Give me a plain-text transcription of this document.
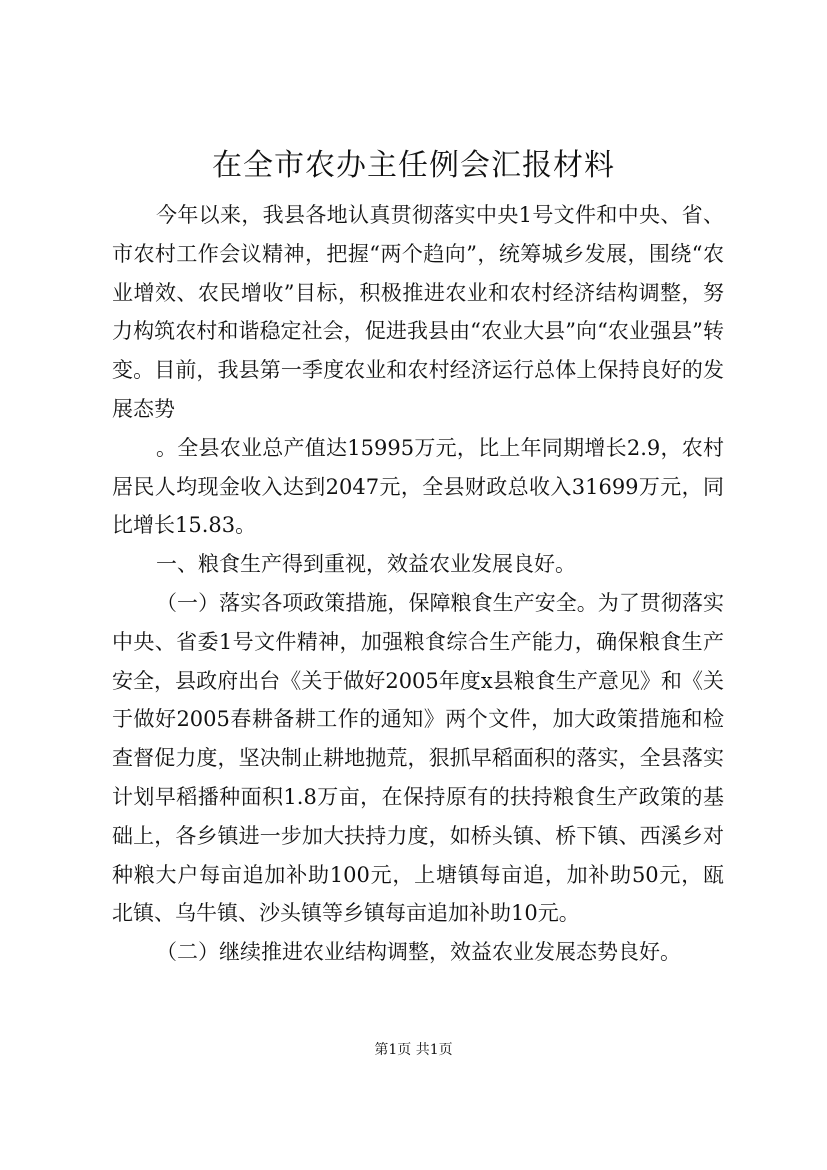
在全市农办主任例会汇报材料

今年以来，我县各地认真贯彻落实中央1号文件和中央、省、市农村工作会议精神，把握“两个趋向”，统筹城乡发展，围绕“农业增效、农民增收”目标，积极推进农业和农村经济结构调整，努力构筑农村和谐稳定社会，促进我县由“农业大县”向“农业强县”转变。目前，我县第一季度农业和农村经济运行总体上保持良好的发展态势

。全县农业总产值达15995万元，比上年同期增长2.9，农村居民人均现金收入达到2047元，全县财政总收入31699万元，同比增长15.83。

一、粮食生产得到重视，效益农业发展良好。

（一）落实各项政策措施，保障粮食生产安全。为了贯彻落实中央、省委1号文件精神，加强粮食综合生产能力，确保粮食生产安全，县政府出台《关于做好2005年度x县粮食生产意见》和《关于做好2005春耕备耕工作的通知》两个文件，加大政策措施和检查督促力度，坚决制止耕地抛荒，狠抓早稻面积的落实，全县落实计划早稻播种面积1.8万亩，在保持原有的扶持粮食生产政策的基础上，各乡镇进一步加大扶持力度，如桥头镇、桥下镇、西溪乡对种粮大户每亩追加补助100元，上塘镇每亩追，加补助50元，瓯北镇、乌牛镇、沙头镇等乡镇每亩追加补助10元。

（二）继续推进农业结构调整，效益农业发展态势良好。

第1页 共1页
